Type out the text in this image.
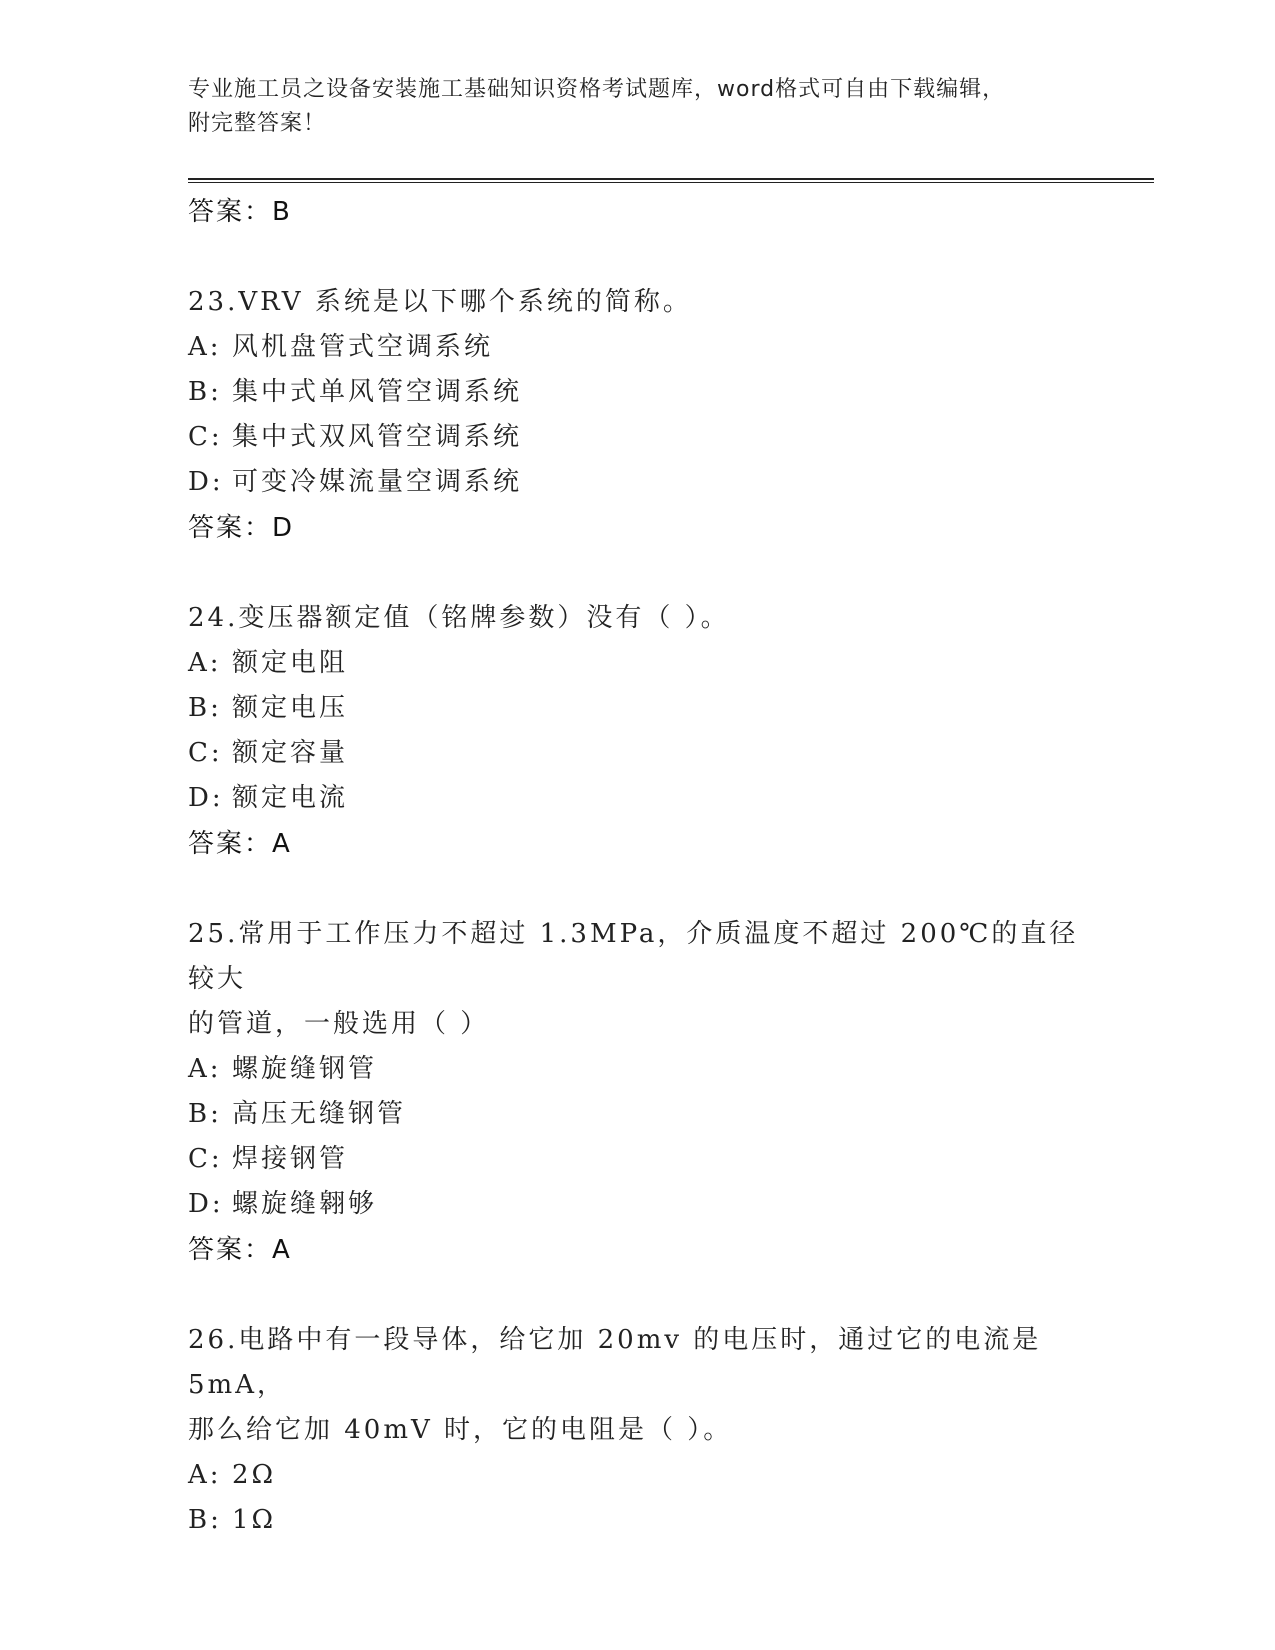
专业施工员之设备安装施工基础知识资格考试题库，word格式可自由下载编辑，
附完整答案！
答案：B
23.VRV 系统是以下哪个系统的简称。
A: 风机盘管式空调系统
B: 集中式单风管空调系统
C: 集中式双风管空调系统
D: 可变冷媒流量空调系统
答案：D
24.变压器额定值（铭牌参数）没有（ ）。
A: 额定电阻
B: 额定电压
C: 额定容量
D: 额定电流
答案：A
25.常用于工作压力不超过 1.3MPa，介质温度不超过 200℃的直径较大
的管道，一般选用（ ）
A: 螺旋缝钢管
B: 高压无缝钢管
C: 焊接钢管
D: 螺旋缝翱够
答案：A
26.电路中有一段导体，给它加 20mv 的电压时，通过它的电流是 5mA，
那么给它加 40mV 时，它的电阻是（ ）。
A: 2Ω
B: 1Ω
